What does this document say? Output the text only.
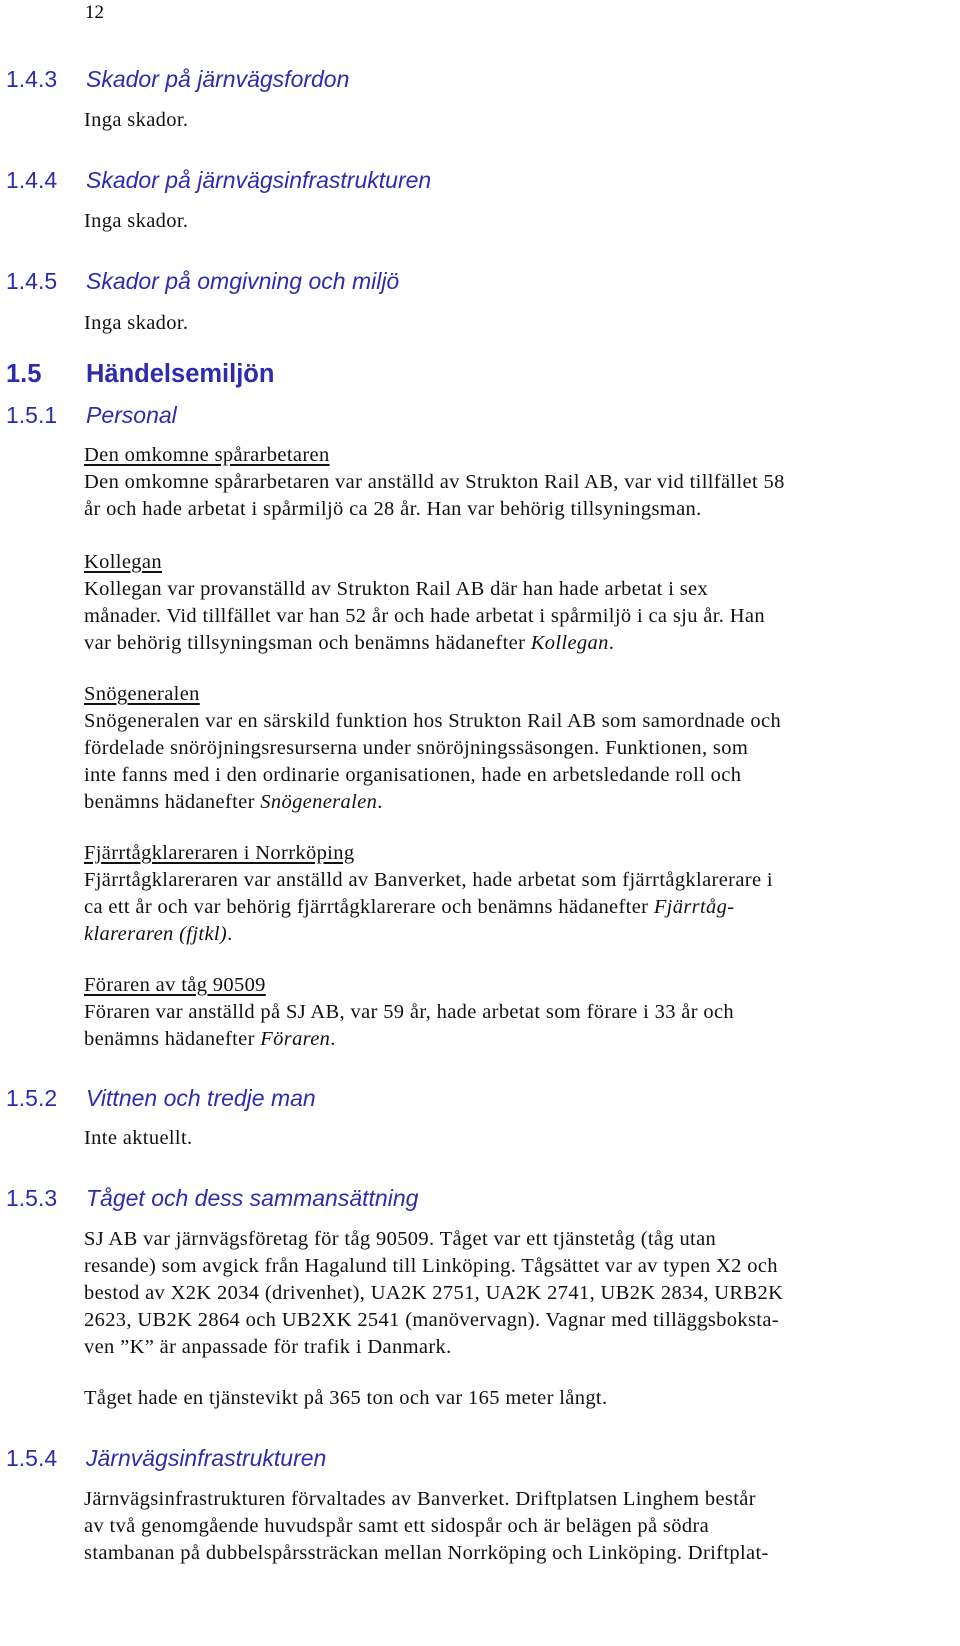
12
1.4.3 Skador på järnvägsfordon
Inga skador.
1.4.4 Skador på järnvägsinfrastrukturen
Inga skador.
1.4.5 Skador på omgivning och miljö
Inga skador.
1.5 Händelsemiljön
1.5.1 Personal
Den omkomne spårarbetaren
Den omkomne spårarbetaren var anställd av Strukton Rail AB, var vid tillfället 58
år och hade arbetat i spårmiljö ca 28 år. Han var behörig tillsyningsman.
Kollegan
Kollegan var provanställd av Strukton Rail AB där han hade arbetat i sex
månader. Vid tillfället var han 52 år och hade arbetat i spårmiljö i ca sju år. Han
var behörig tillsyningsman och benämns hädanefter Kollegan.
Snögeneralen
Snögeneralen var en särskild funktion hos Strukton Rail AB som samordnade och
fördelade snöröjningsresurserna under snöröjningssäsongen. Funktionen, som
inte fanns med i den ordinarie organisationen, hade en arbetsledande roll och
benämns hädanefter Snögeneralen.
Fjärrtågklareraren i Norrköping
Fjärrtågklareraren var anställd av Banverket, hade arbetat som fjärrtågklarerare i
ca ett år och var behörig fjärrtågklarerare och benämns hädanefter Fjärrtåg-
klareraren (fjtkl).
Föraren av tåg 90509
Föraren var anställd på SJ AB, var 59 år, hade arbetat som förare i 33 år och
benämns hädanefter Föraren.
1.5.2 Vittnen och tredje man
Inte aktuellt.
1.5.3 Tåget och dess sammansättning
SJ AB var järnvägsföretag för tåg 90509. Tåget var ett tjänstetåg (tåg utan
resande) som avgick från Hagalund till Linköping. Tågsättet var av typen X2 och
bestod av X2K 2034 (drivenhet), UA2K 2751, UA2K 2741, UB2K 2834, URB2K
2623, UB2K 2864 och UB2XK 2541 (manövervagn). Vagnar med tilläggsboksta-
ven ”K” är anpassade för trafik i Danmark.
Tåget hade en tjänstevikt på 365 ton och var 165 meter långt.
1.5.4 Järnvägsinfrastrukturen
Järnvägsinfrastrukturen förvaltades av Banverket. Driftplatsen Linghem består
av två genomgående huvudspår samt ett sidospår och är belägen på södra
stambanan på dubbelspårssträckan mellan Norrköping och Linköping. Driftplat-
